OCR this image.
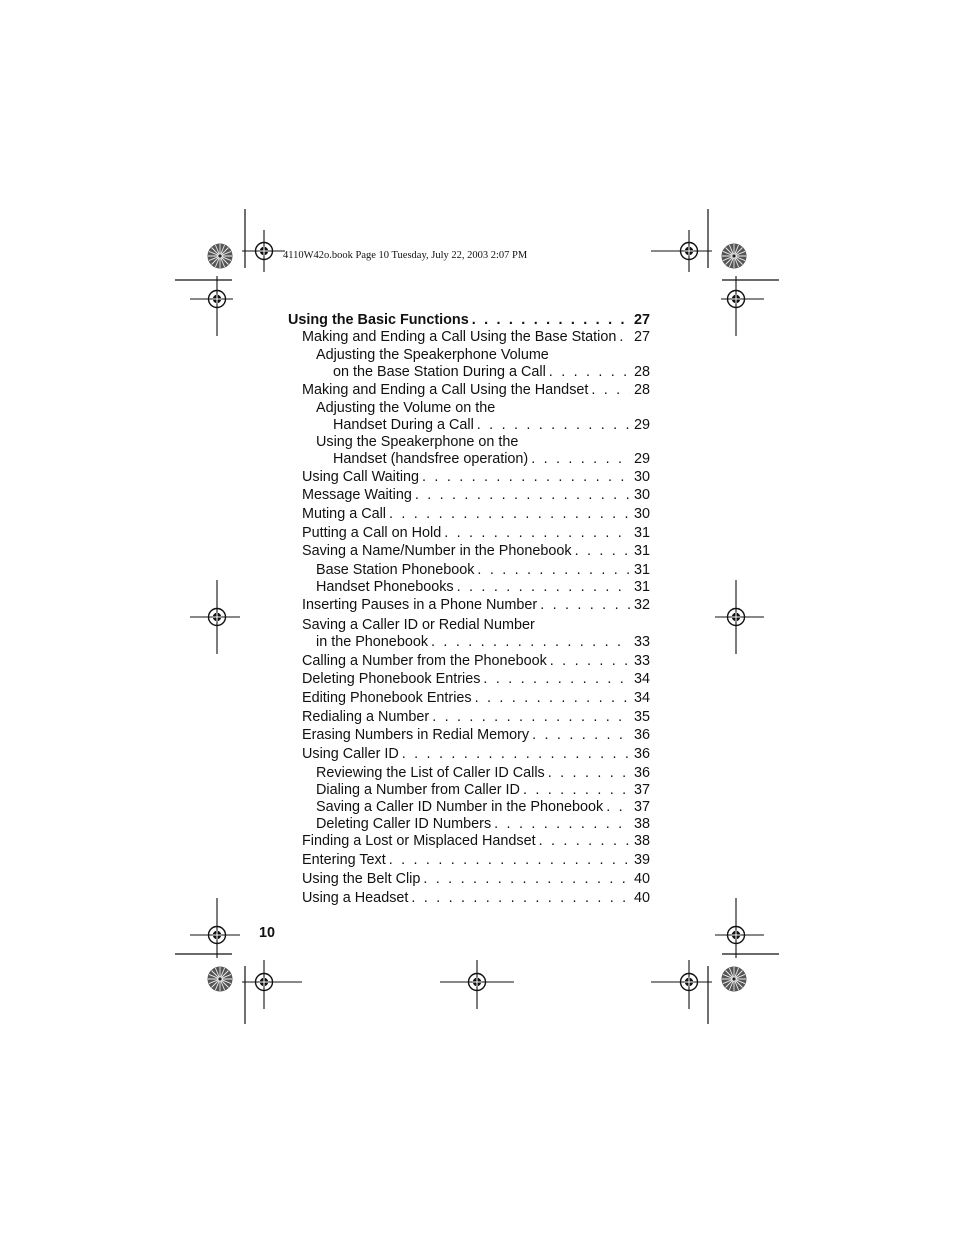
4110W42o.book Page 10 Tuesday, July 22, 2003 2:07 PM
Using the Basic Functions . . .	27
Making and Ending a Call Using the Base Station . . . 27
Adjusting the Speakerphone Volume
on the Base Station During a Call . . .	28
Making and Ending a Call Using the Handset . . .	28
Adjusting the Volume on the
Handset During a Call . . .	29
Using the Speakerphone on the
Handset (handsfree operation) . . .	29
Using Call Waiting . . .	30
Message Waiting . . .	30
Muting a Call . . .	30
Putting a Call on Hold . . .	31
Saving a Name/Number in the Phonebook . . .	31
Base Station Phonebook . . .	31
Handset Phonebooks . . .	31
Inserting Pauses in a Phone Number . . .	32
Saving a Caller ID or Redial Number
in the Phonebook . . .	33
Calling a Number from the Phonebook . . .	33
Deleting Phonebook Entries . . .	34
Editing Phonebook Entries . . .	34
Redialing a Number . . .	35
Erasing Numbers in Redial Memory . . .	36
Using Caller ID . . .	36
Reviewing the List of Caller ID Calls . . .	36
Dialing a Number from Caller ID . . .	37
Saving a Caller ID Number in the Phonebook . . . 37
Deleting Caller ID Numbers . . .	38
Finding a Lost or Misplaced Handset . . .	38
Entering Text . . .	39
Using the Belt Clip . . .	40
Using a Headset . . .	40
10
